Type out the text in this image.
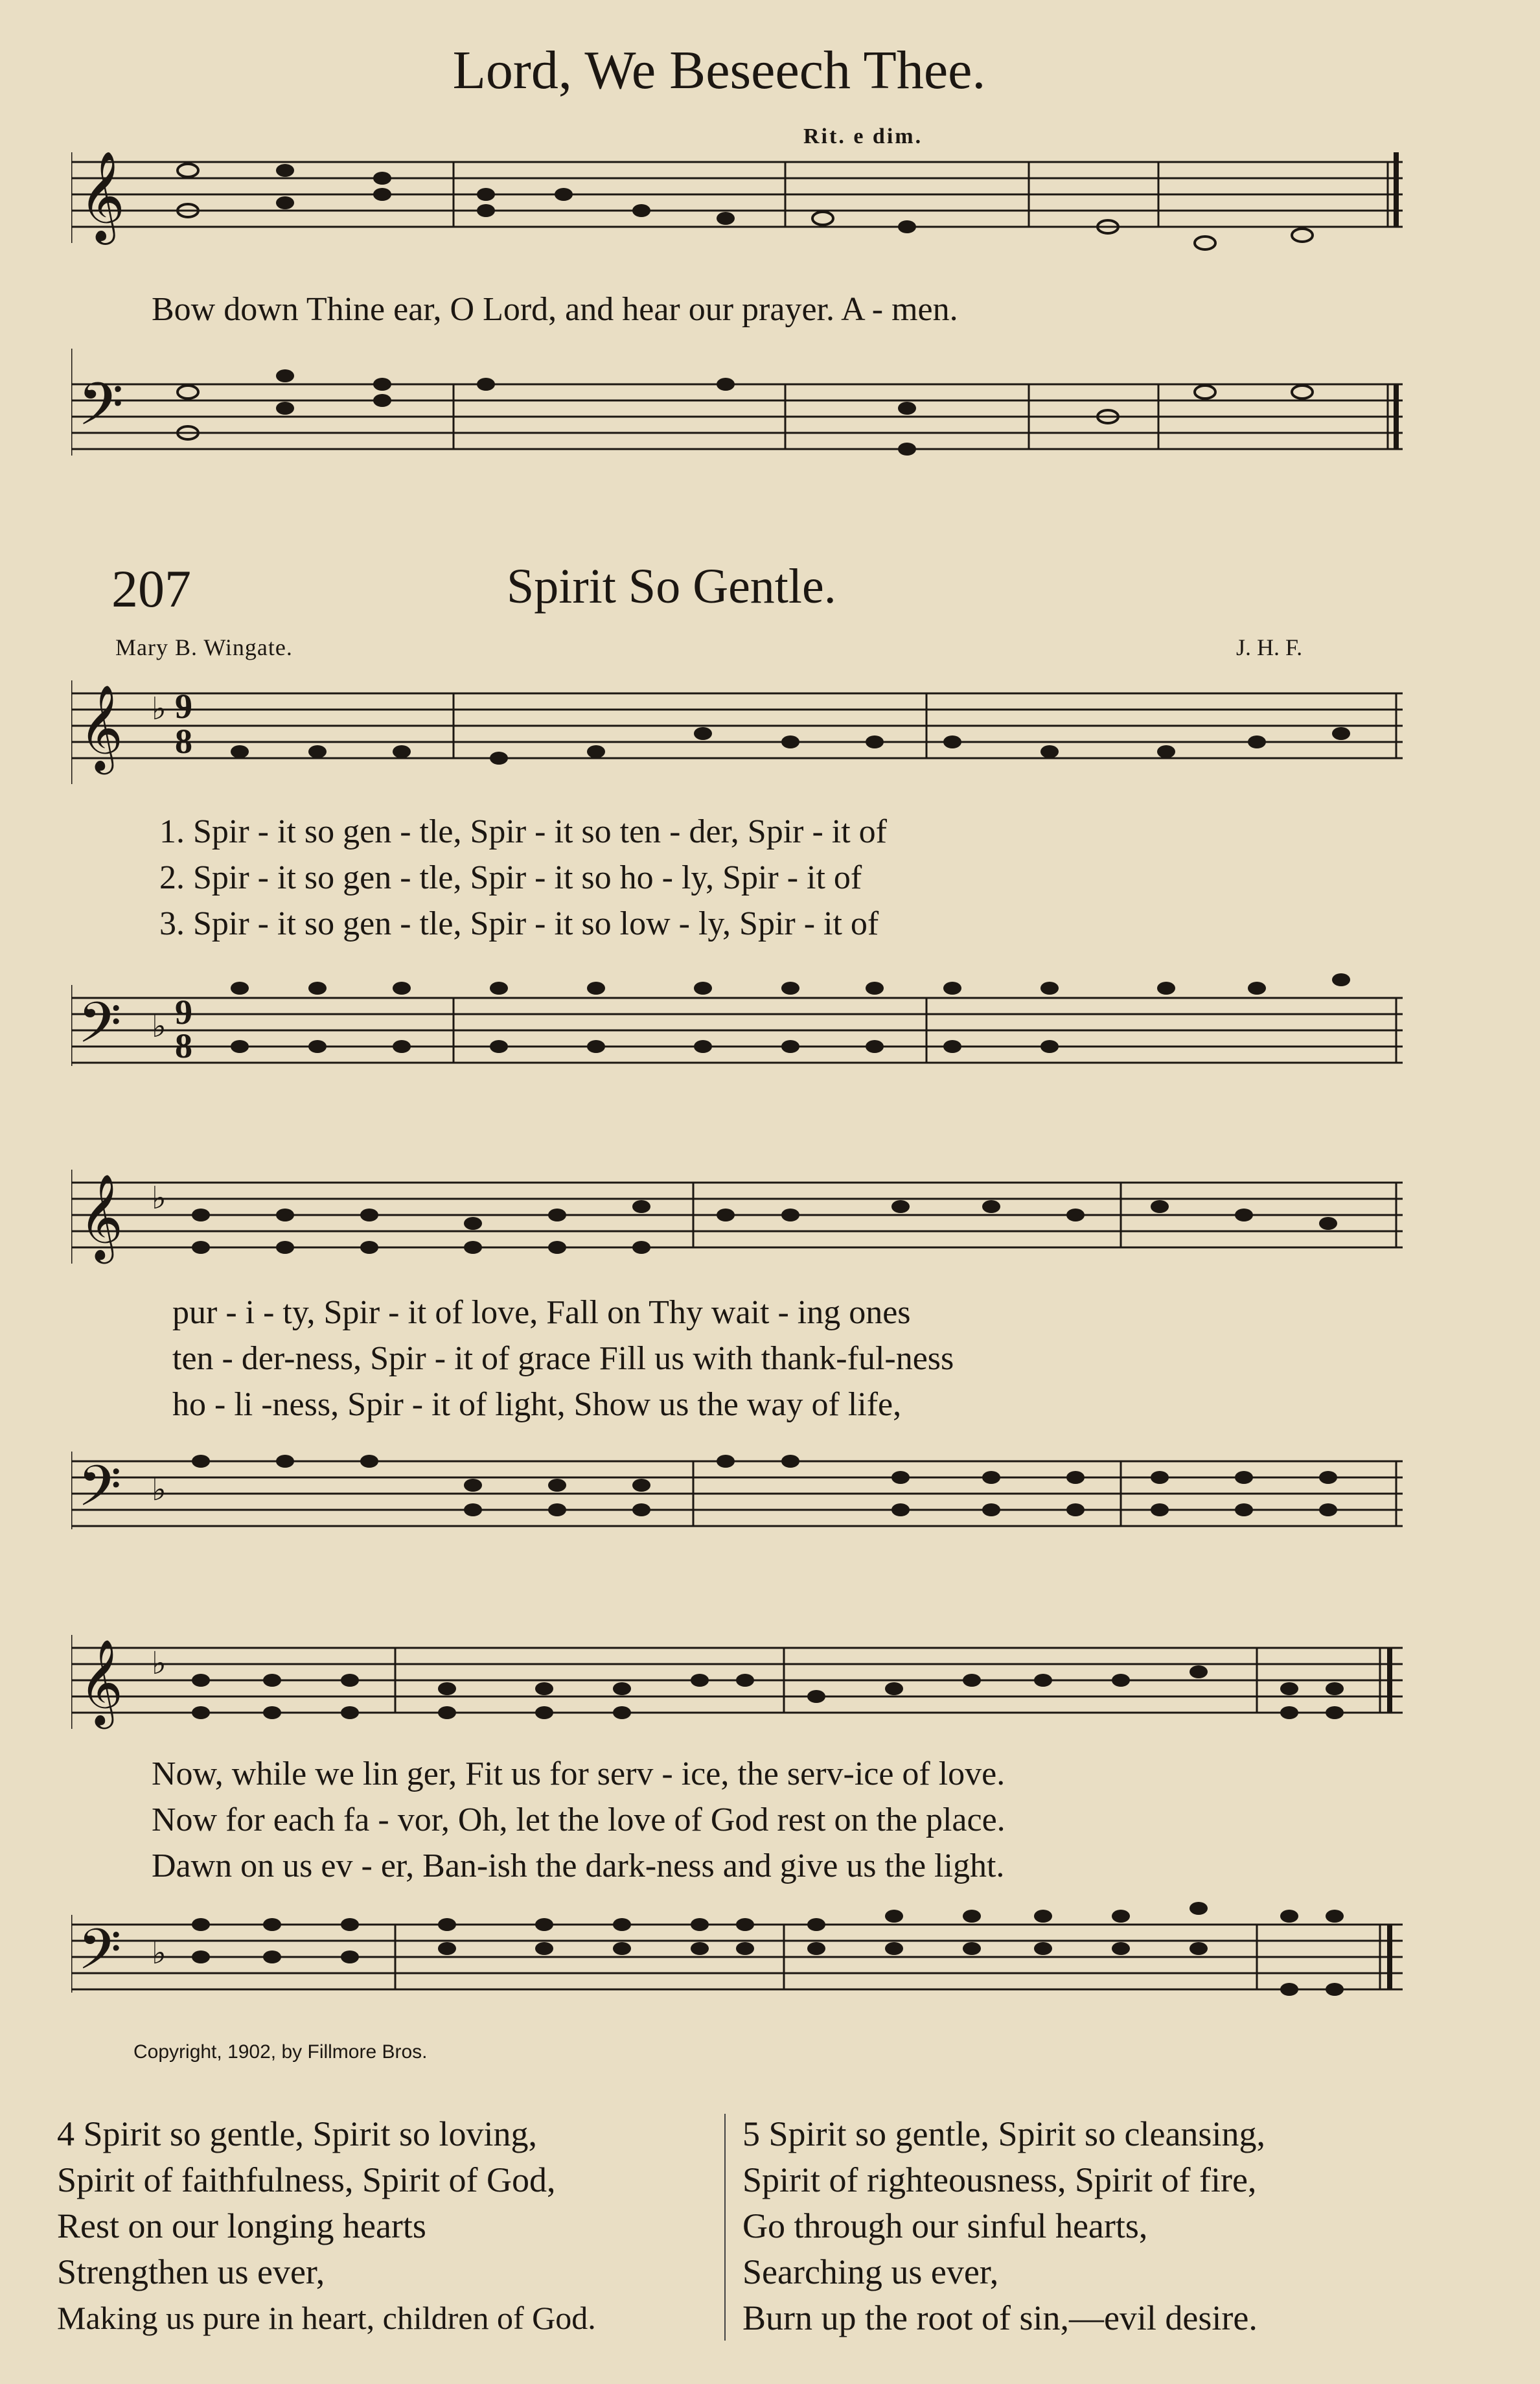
Lord, We Beseech Thee.
Rit. e dim.
𝄞
Bow down Thine ear, O Lord, and hear our prayer. A - men.
𝄢
207	Spirit So Gentle.
Mary B. Wingate.	J. H. F.
𝄞 ♭ 9
8
1. Spir - it so gen - tle, Spir - it so ten - der, Spir - it of
2. Spir - it so gen - tle, Spir - it so ho - ly, Spir - it of
3. Spir - it so gen - tle, Spir - it so low - ly, Spir - it of
𝄢 ♭ 9
8
𝄞 ♭
pur - i - ty, Spir - it of love, Fall on Thy wait - ing ones
ten - der-ness, Spir - it of grace Fill us with thank-ful-ness
ho - li -ness, Spir - it of light, Show us the way of life,
𝄢 ♭
𝄞 ♭
Now, while we lin ger, Fit us for serv - ice, the serv-ice of love.
Now for each fa - vor, Oh, let the love of God rest on the place.
Dawn on us ev - er, Ban-ish the dark-ness and give us the light.
𝄢 ♭
Copyright, 1902, by Fillmore Bros.
4 Spirit so gentle, Spirit so loving,
Spirit of faithfulness, Spirit of God,
Rest on our longing hearts
Strengthen us ever,
Making us pure in heart, children of God.
5 Spirit so gentle, Spirit so cleansing,
Spirit of righteousness, Spirit of fire,
Go through our sinful hearts,
Searching us ever,
Burn up the root of sin,—evil desire.
